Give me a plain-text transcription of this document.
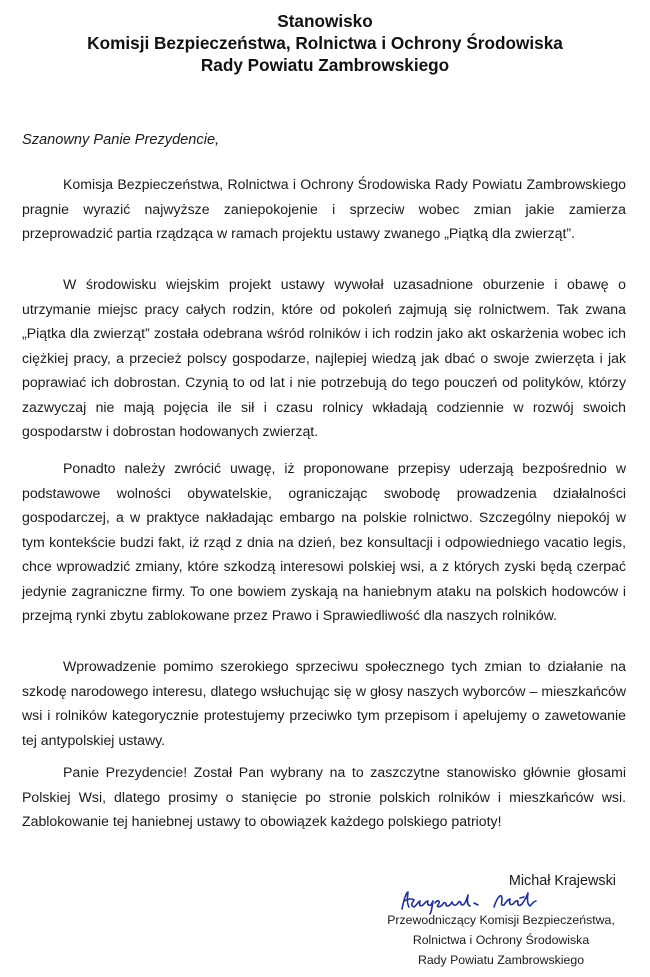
Stanowisko

Komisji Bezpieczeństwa, Rolnictwa i Ochrony Środowiska

Rady Powiatu Zambrowskiego

Szanowny Panie Prezydencie,

Komisja Bezpieczeństwa, Rolnictwa i Ochrony Środowiska Rady Powiatu Zambrowskiego pragnie wyrazić najwyższe zaniepokojenie i sprzeciw wobec zmian jakie zamierza przeprowadzić partia rządząca w ramach projektu ustawy zwanego „Piątką dla zwierząt”.

W środowisku wiejskim projekt ustawy wywołał uzasadnione oburzenie i obawę o utrzymanie miejsc pracy całych rodzin, które od pokoleń zajmują się rolnictwem. Tak zwana „Piątka dla zwierząt” została odebrana wśród rolników i ich rodzin jako akt oskarżenia wobec ich ciężkiej pracy, a przecież polscy gospodarze, najlepiej wiedzą jak dbać o swoje zwierzęta i jak poprawiać ich dobrostan. Czynią to od lat i nie potrzebują do tego pouczeń od polityków, którzy zazwyczaj nie mają pojęcia ile sił i czasu rolnicy wkładają codziennie w rozwój swoich gospodarstw i dobrostan hodowanych zwierząt.

Ponadto należy zwrócić uwagę, iż proponowane przepisy uderzają bezpośrednio w podstawowe wolności obywatelskie, ograniczając swobodę prowadzenia działalności gospodarczej, a w praktyce nakładając embargo na polskie rolnictwo. Szczególny niepokój w tym kontekście budzi fakt, iż rząd z dnia na dzień, bez konsultacji i odpowiedniego vacatio legis, chce wprowadzić zmiany, które szkodzą interesowi polskiej wsi, a z których zyski będą czerpać jedynie zagraniczne firmy. To one bowiem zyskają na haniebnym ataku na polskich hodowców i przejmą rynki zbytu zablokowane przez Prawo i Sprawiedliwość dla naszych rolników.

Wprowadzenie pomimo szerokiego sprzeciwu społecznego tych zmian to działanie na szkodę narodowego interesu, dlatego wsłuchując się w głosy naszych wyborców – mieszkańców wsi i rolników kategorycznie protestujemy przeciwko tym przepisom i apelujemy o zawetowanie tej antypolskiej ustawy.

Panie Prezydencie! Został Pan wybrany na to zaszczytne stanowisko głównie głosami Polskiej Wsi, dlatego prosimy o stanięcie po stronie polskich rolników i mieszkańców wsi. Zablokowanie tej haniebnej ustawy to obowiązek każdego polskiego patrioty!

Michał Krajewski

Przewodniczący Komisji Bezpieczeństwa,
Rolnictwa i Ochrony Środowiska
Rady Powiatu Zambrowskiego
